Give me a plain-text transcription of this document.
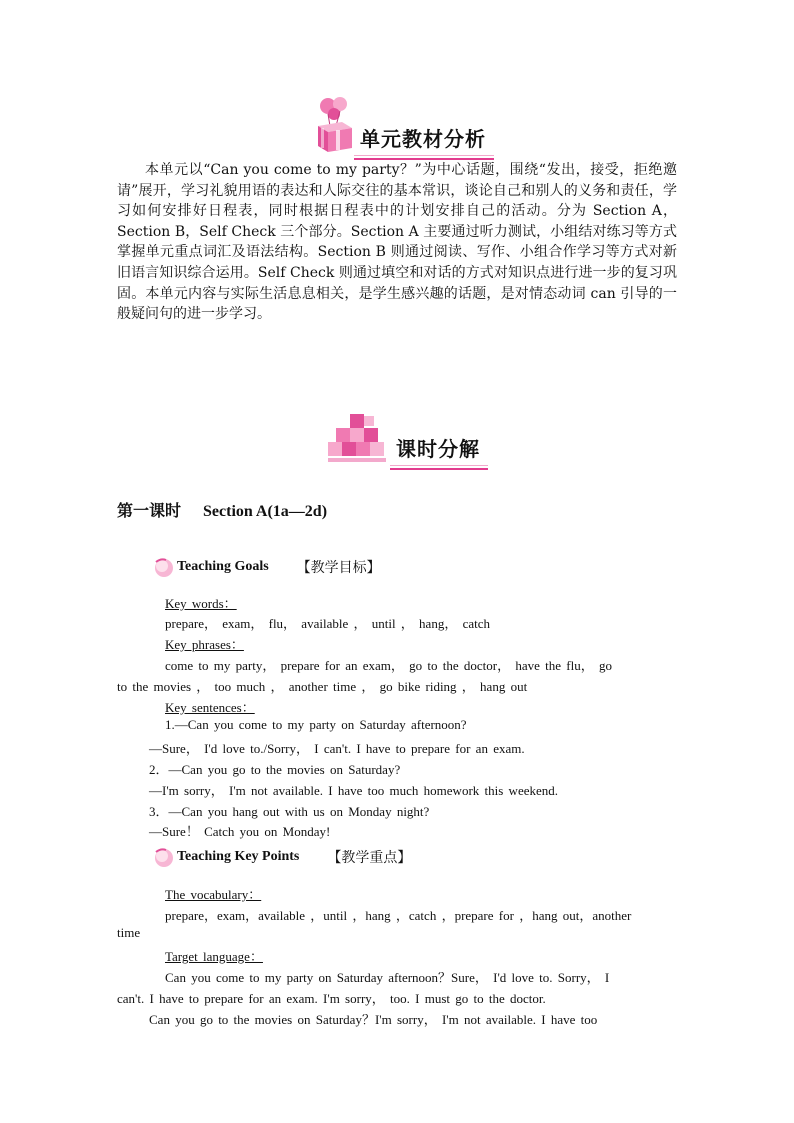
单元教材分析

本单元以“Can you come to my party？”为中心话题，围绕“发出，接受，拒绝邀请”展开，学习礼貌用语的表达和人际交往的基本常识，谈论自己和别人的义务和责任，学习如何安排好日程表，同时根据日程表中的计划安排自己的活动。分为 Section A，Section B，Self Check 三个部分。Section A 主要通过听力测试，小组结对练习等方式掌握单元重点词汇及语法结构。Section B 则通过阅读、写作、小组合作学习等方式对新旧语言知识综合运用。Self Check 则通过填空和对话的方式对知识点进行进一步的复习巩固。本单元内容与实际生活息息相关，是学生感兴趣的话题，是对情态动词 can 引导的一般疑问句的进一步学习。

课时分解
第一课时 Section A(1a—2d)
Teaching Goals 【教学目标】
Key words：
prepare， exam， flu， available ， until ， hang， catch
Key phrases：
come to my party， prepare for an exam， go to the doctor， have the flu， go
to the movies ， too much ， another time ， go bike riding ， hang out
Key sentences：
1.—Can you come to my party on Saturday afternoon?
—Sure， I'd love to./Sorry， I can't. I have to prepare for an exam.
2．—Can you go to the movies on Saturday?
—I'm sorry， I'm not available. I have too much homework this weekend.
3．—Can you hang out with us on Monday night?
—Sure！ Catch you on Monday!
Teaching Key Points 【教学重点】
The vocabulary：
prepare，exam，available ，until ，hang ，catch ，prepare for ，hang out，another
time
Target language：
Can you come to my party on Saturday afternoon？Sure， I'd love to. Sorry， I
can't. I have to prepare for an exam. I'm sorry， too. I must go to the doctor.
Can you go to the movies on Saturday？I'm sorry， I'm not available. I have too
